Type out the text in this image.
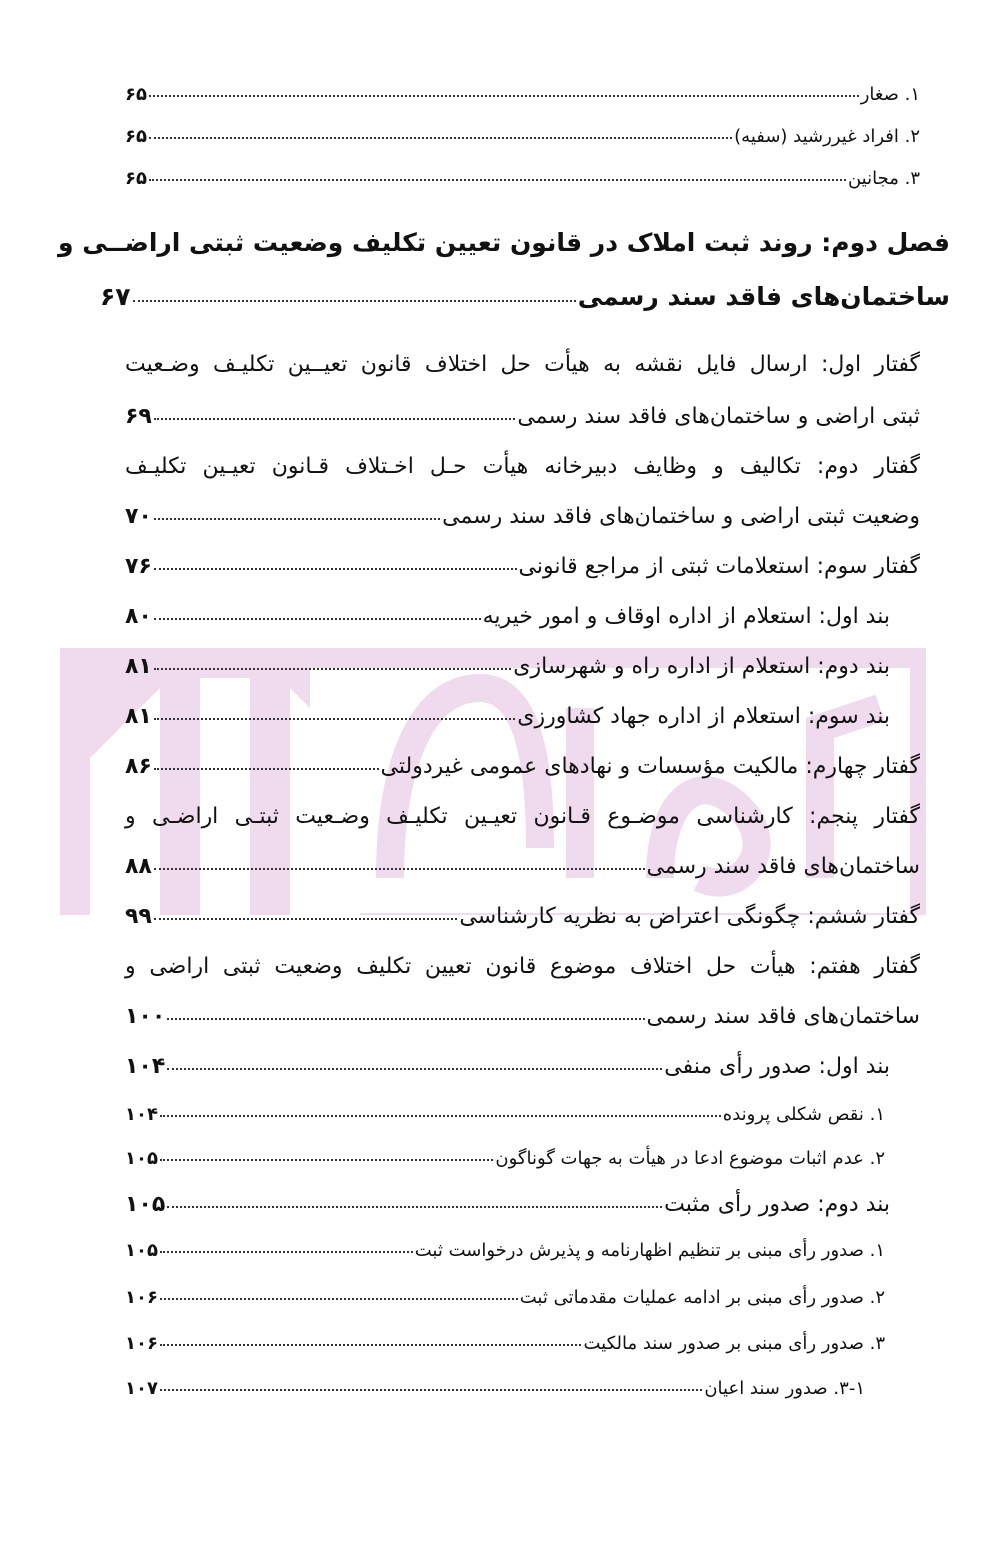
۱. صغار
۶۵
۲. افراد غیررشید (سفیه)
۶۵
۳. مجانین
۶۵
فصل دوم: روند ثبت املاک در قانون تعیین تکلیف وضعیت ثبتی اراضــی و
ساختمان‌های فاقد سند رسمی
۶۷
گفتار اول: ارسال فایل نقشه به هیأت حل اختلاف قانون تعیــین تکلیـف وضـعیت
ثبتی اراضی و ساختمان‌های فاقد سند رسمی
۶۹
گفتار دوم: تکالیف و وظایف دبیرخانه هیأت حـل اخـتلاف قـانون تعیـین تکلیـف
وضعیت ثبتی اراضی و ساختمان‌های فاقد سند رسمی
۷۰
گفتار سوم: استعلامات ثبتی از مراجع قانونی
۷۶
بند اول: استعلام از اداره اوقاف و امور خیریه
۸۰
بند دوم: استعلام از اداره راه و شهرسازی
۸۱
بند سوم: استعلام از اداره جهاد کشاورزی
۸۱
گفتار چهارم: مالکیت مؤسسات و نهادهای عمومی غیردولتی
۸۶
گفتار پنجم: کارشناسی موضـوع قـانون تعیـین تکلیـف وضـعیت ثبتـی اراضـی و
ساختمان‌های فاقد سند رسمی
۸۸
گفتار ششم: چگونگی اعتراض به نظریه کارشناسی
۹۹
گفتار هفتم: هیأت حل اختلاف موضوع قانون تعیین تکلیف وضعیت ثبتی اراضی و
ساختمان‌های فاقد سند رسمی
۱۰۰
بند اول: صدور رأی منفی
۱۰۴
۱. نقص شکلی پرونده
۱۰۴
۲. عدم اثبات موضوع ادعا در هیأت به جهات گوناگون
۱۰۵
بند دوم: صدور رأی مثبت
۱۰۵
۱. صدور رأی مبنی بر تنظیم اظهارنامه و پذیرش درخواست ثبت
۱۰۵
۲. صدور رأی مبنی بر ادامه عملیات مقدماتی ثبت
۱۰۶
۳. صدور رأی مبنی بر صدور سند مالکیت
۱۰۶
۳-۱. صدور سند اعیان
۱۰۷
